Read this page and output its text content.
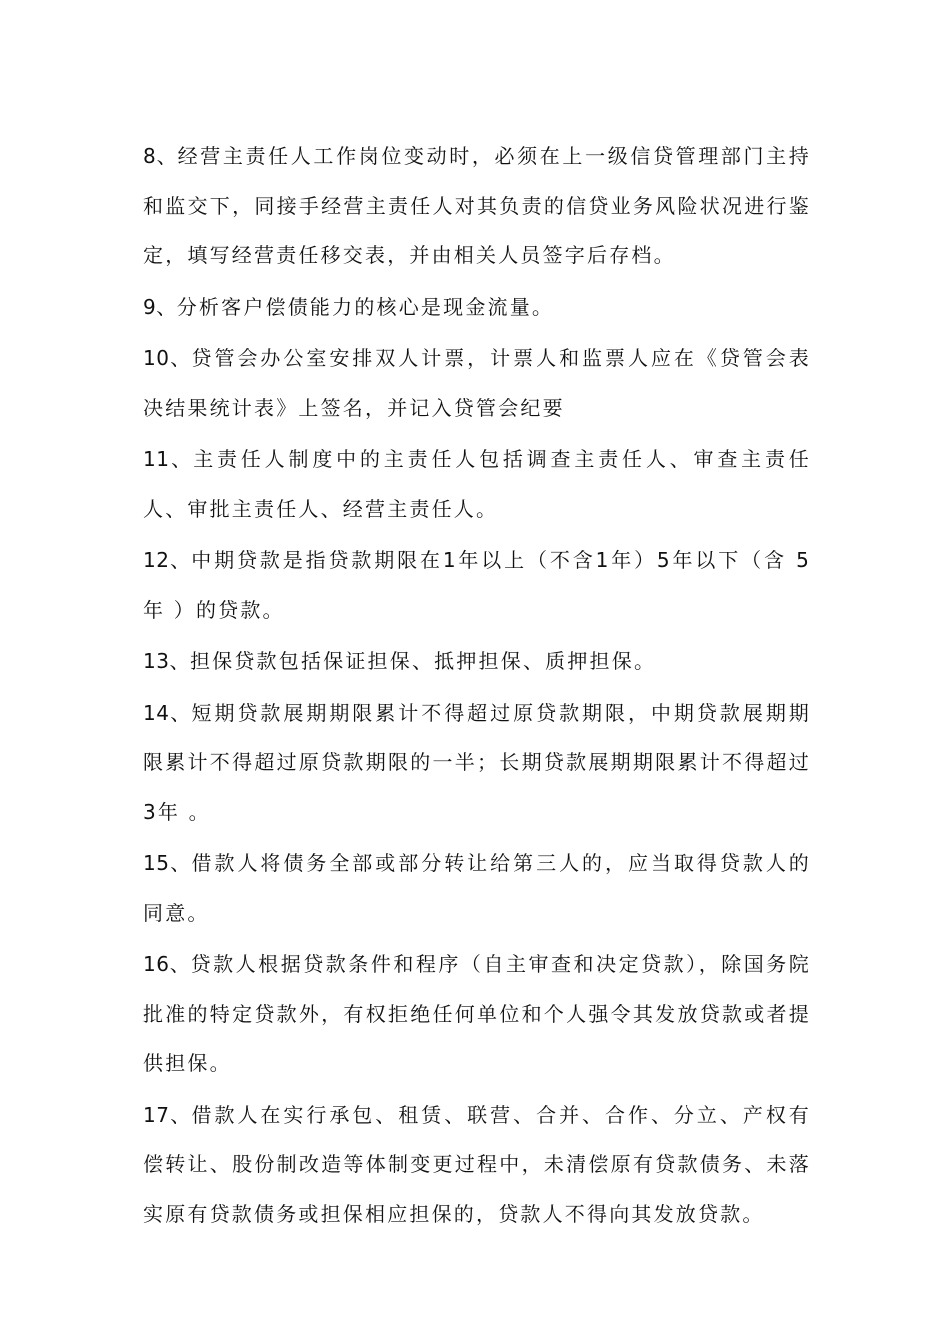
8、经营主责任人工作岗位变动时，必须在上一级信贷管理部门主持和监交下，同接手经营主责任人对其负责的信贷业务风险状况进行鉴定，填写经营责任移交表，并由相关人员签字后存档。

9、分析客户偿债能力的核心是现金流量。

10、贷管会办公室安排双人计票，计票人和监票人应在《贷管会表决结果统计表》上签名，并记入贷管会纪要

11、主责任人制度中的主责任人包括调查主责任人、审查主责任人、审批主责任人、经营主责任人。

12、中期贷款是指贷款期限在1年以上（不含1年）5年以下（含 5年 ）的贷款。

13、担保贷款包括保证担保、抵押担保、质押担保。

14、短期贷款展期期限累计不得超过原贷款期限，中期贷款展期期限累计不得超过原贷款期限的一半；长期贷款展期期限累计不得超过3年 。

15、借款人将债务全部或部分转让给第三人的，应当取得贷款人的同意。

16、贷款人根据贷款条件和程序（自主审查和决定贷款），除国务院批准的特定贷款外，有权拒绝任何单位和个人强令其发放贷款或者提供担保。

17、借款人在实行承包、租赁、联营、合并、合作、分立、产权有偿转让、股份制改造等体制变更过程中，未清偿原有贷款债务、未落实原有贷款债务或担保相应担保的，贷款人不得向其发放贷款。
